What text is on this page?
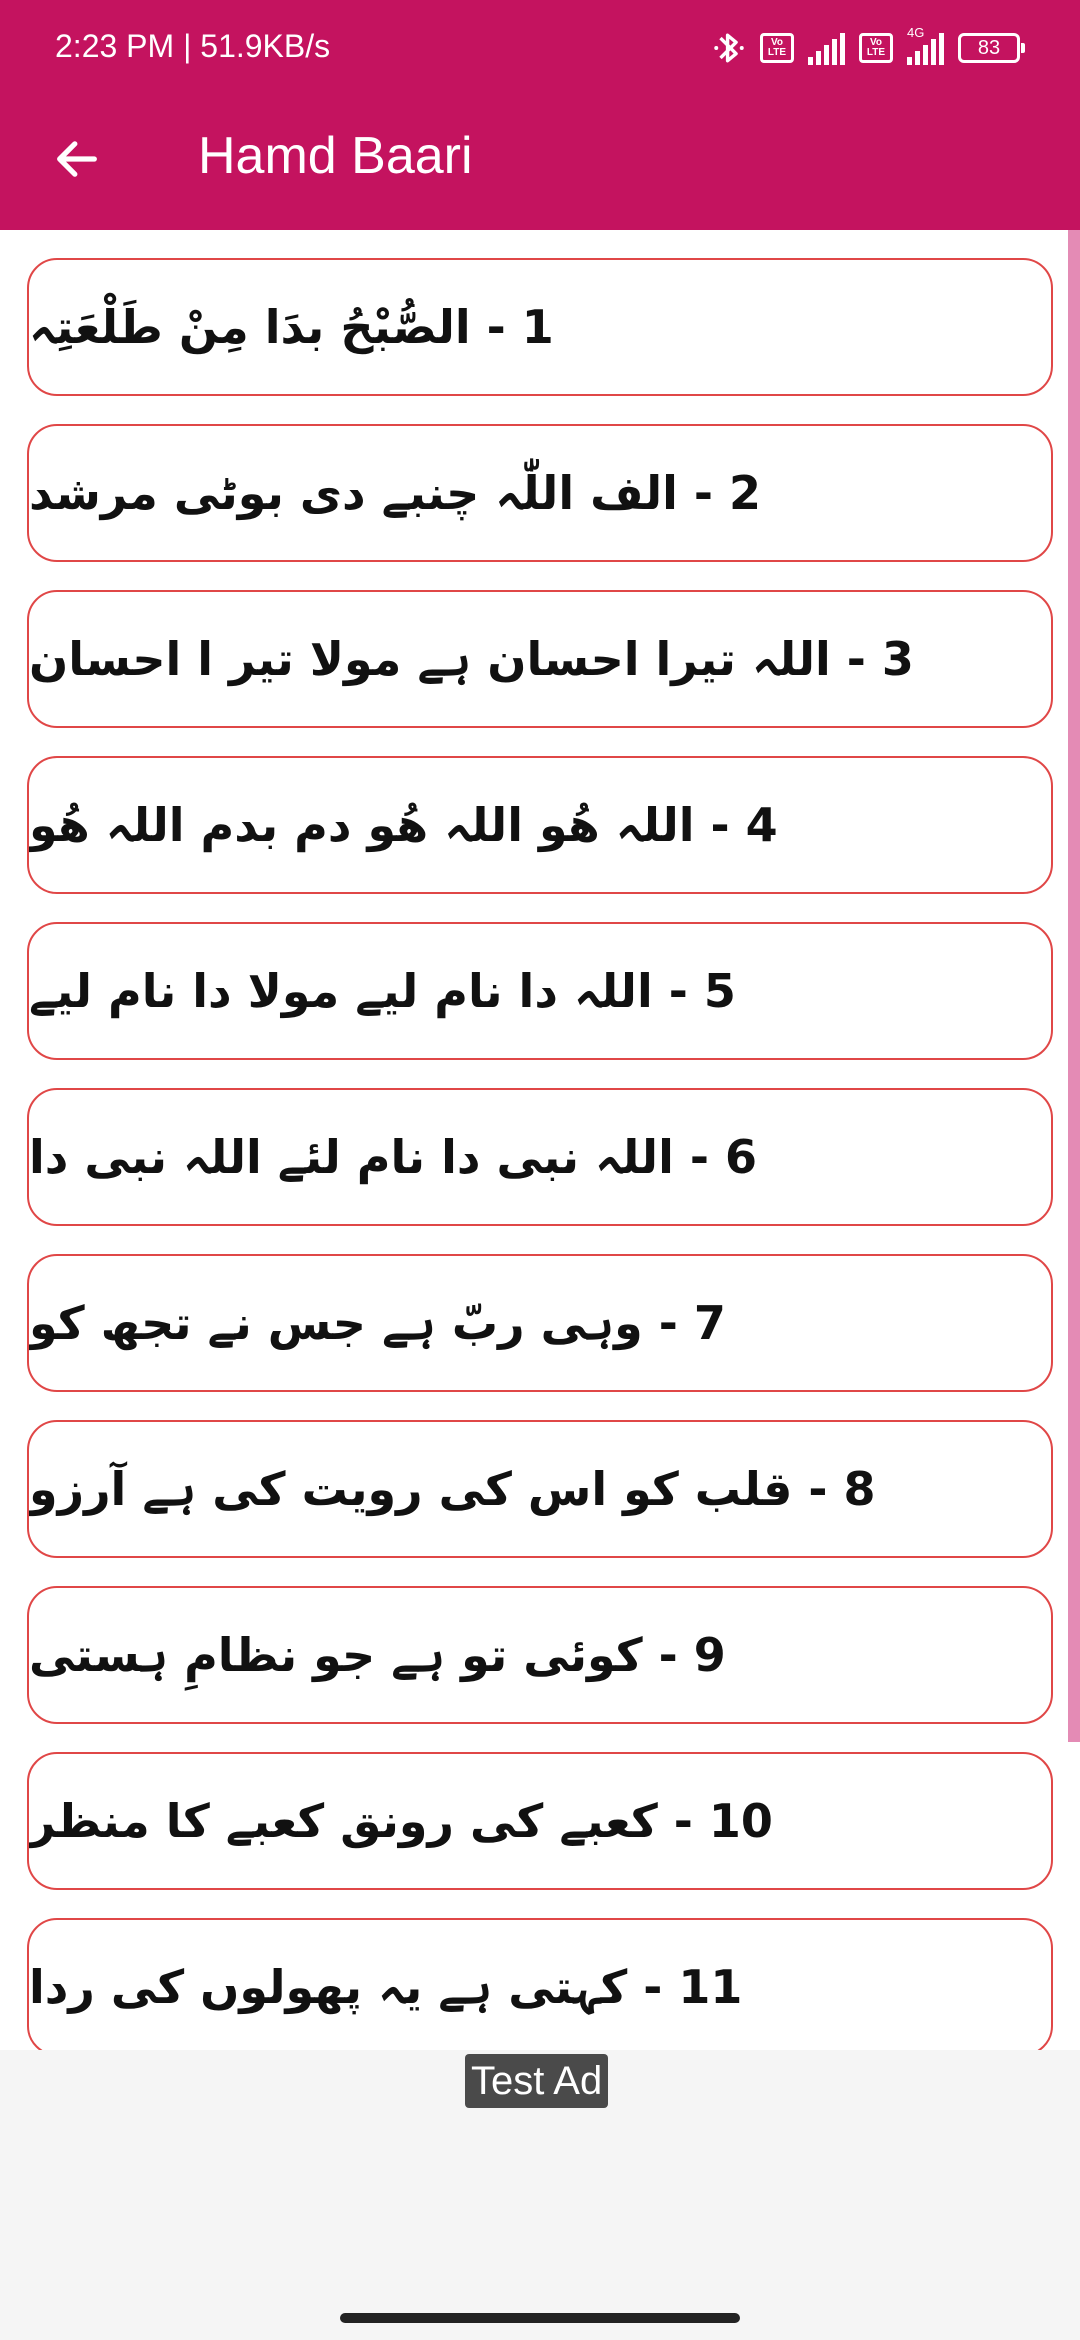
2:23 PM | 51.9KB/s	Vo LTE
Vo LTE
4G
83
Hamd Baari
1 - الصُّبْحُ بدَا مِنْ طَلْعَتِہ
2 - الف اللّٰہ چنبے دی بوٹی مرشد
3 - اللہ تیرا احسان ہے مولا تیر ا احسان
4 - اللہ ھُو اللہ ھُو دم بدم اللہ ھُو
5 - اللہ دا نام لیے مولا دا نام لیے
6 - اللہ نبی دا نام لئے اللہ نبی دا
7 - وہی ربّ ہے جس نے تجھ کو
8 - قلب کو اس کی رویت کی ہے آرزو
9 - کوئی تو ہے جو نظامِ ہستی
10 - کعبے کی رونق کعبے کا منظر
11 - کہتی ہے یہ پھولوں کی ردا
Test Ad
